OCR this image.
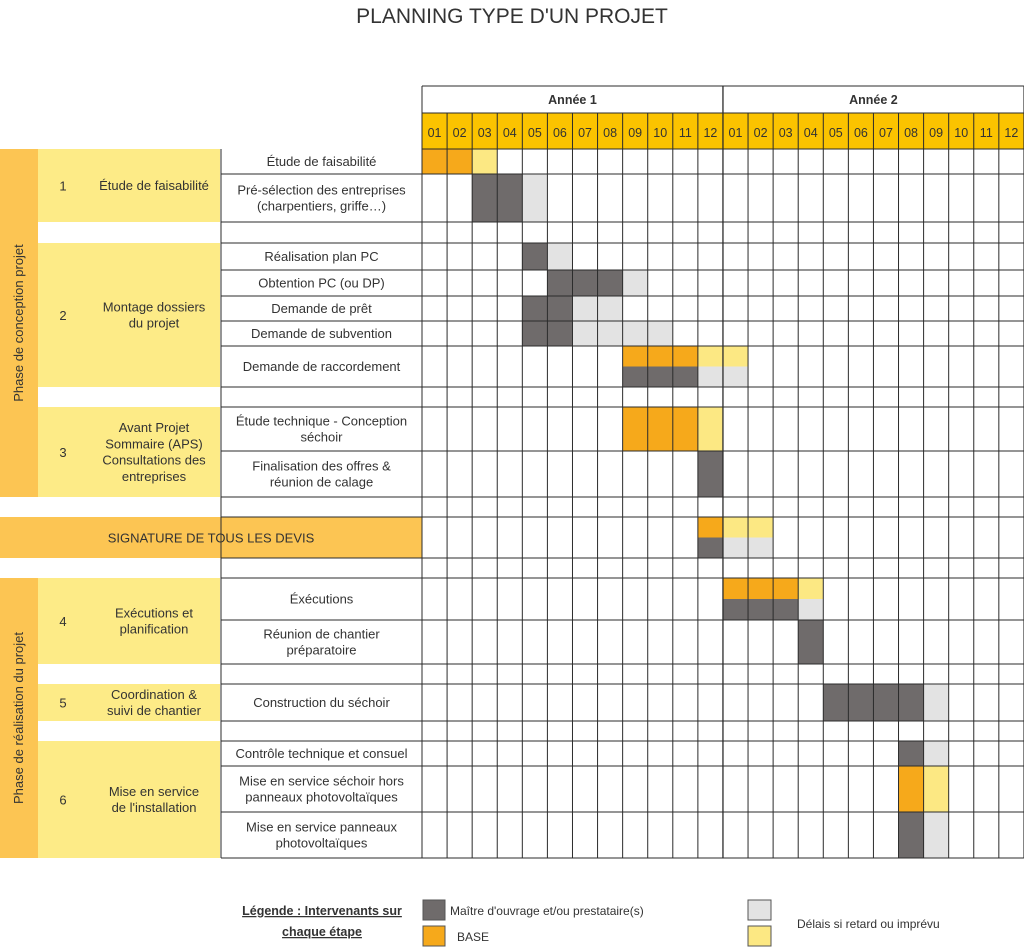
PLANNING TYPE D'UN PROJET
Phase de conception projet
Phase de réalisation du projet
1 Étude de faisabilité
2
Montage dossiers du projet
3
Avant Projet Sommaire (APS) Consultations des entreprises
4
Exécutions et planification
5
Coordination & suivi de chantier
6
Mise en service de l'installation
SIGNATURE DE TOUS LES DEVIS
01 02 03 04 05 06 07 08 09 10 11 12 01 02 03 04 05 06 07 08 09 10 11 12
Année 1	Année 2
Étude de faisabilité
Pré-sélection des entreprises (charpentiers, griffe…)
Réalisation plan PC
Obtention PC (ou DP)
Demande de prêt
Demande de subvention
Demande de raccordement
Étude technique - Conception séchoir
Finalisation des offres & réunion de calage
Éxécutions
Réunion de chantier préparatoire
Construction du séchoir
Contrôle technique et consuel
Mise en service séchoir hors panneaux photovoltaïques
Mise en service panneaux photovoltaïques
Légende : Intervenants sur
chaque étape
Maître d'ouvrage et/ou prestataire(s)
BASE
Délais si retard ou imprévu
